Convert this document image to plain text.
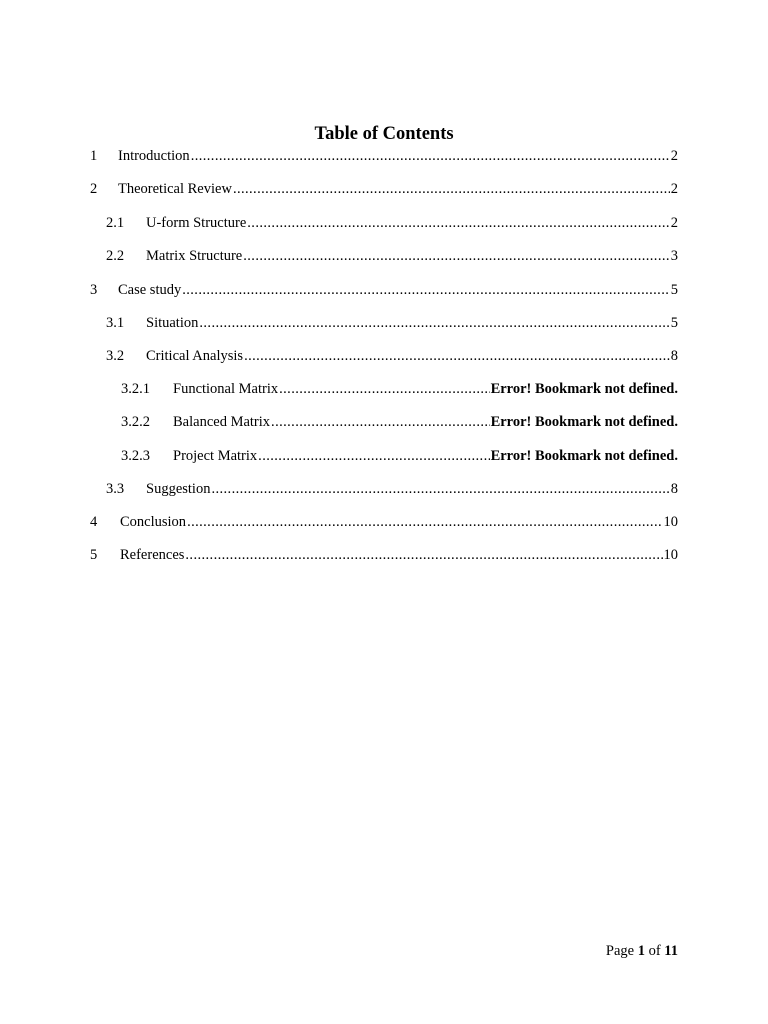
Table of Contents
1	Introduction .....	2
2	Theoretical Review .....	2
2.1	U-form Structure .....	2
2.2	Matrix Structure .....	3
3	Case study .....	5
3.1	Situation .....	5
3.2	Critical Analysis .....	8
3.2.1	Functional Matrix .....	Error! Bookmark not defined.
3.2.2	Balanced Matrix .....	Error! Bookmark not defined.
3.2.3	Project Matrix .....	Error! Bookmark not defined.
3.3	Suggestion .....	8
4	Conclusion .....	10
5	References .....	10
Page 1 of 11
